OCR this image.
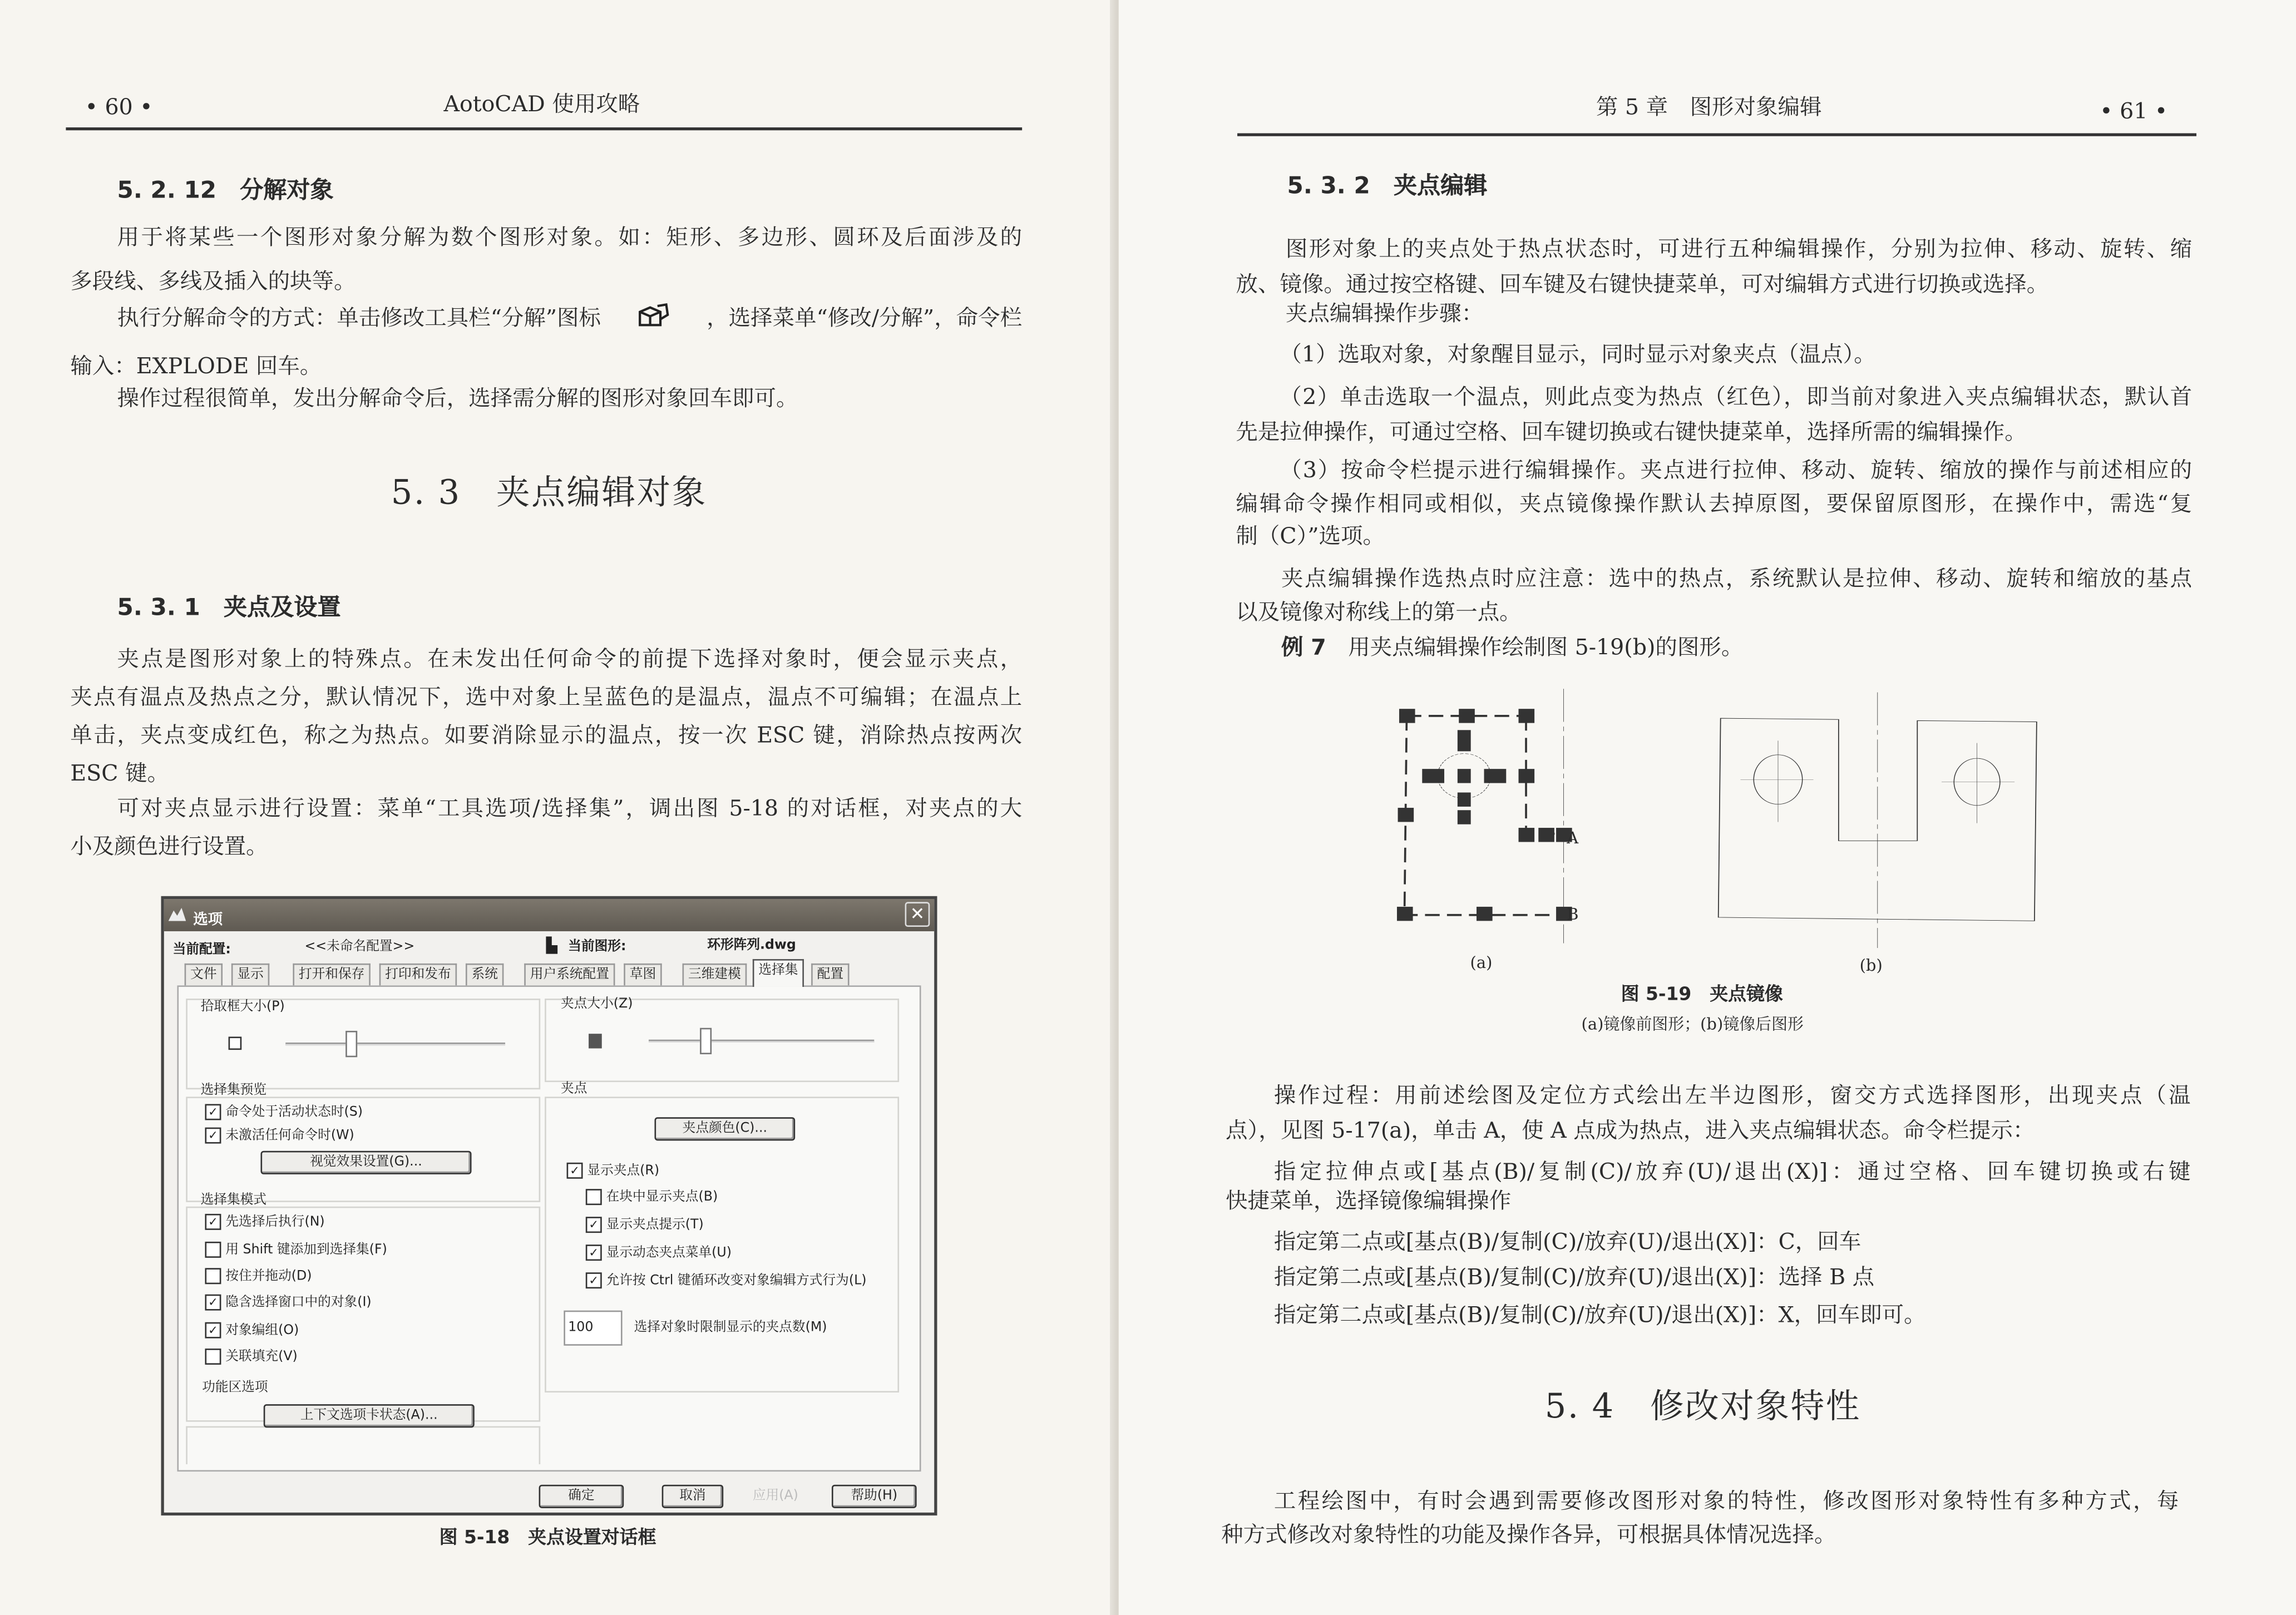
• 60 •	AotoCAD 使用攻略
5. 2. 12　分解对象
用于将某些一个图形对象分解为数个图形对象。如：矩形、多边形、圆环及后面涉及的
多段线、多线及插入的块等。
执行分解命令的方式：单击修改工具栏“分解”图标	，选择菜单“修改/分解”，命令栏
输入：EXPLODE 回车。
操作过程很简单，发出分解命令后，选择需分解的图形对象回车即可。
5. 3　夹点编辑对象
5. 3. 1　夹点及设置
夹点是图形对象上的特殊点。在未发出任何命令的前提下选择对象时，便会显示夹点，
夹点有温点及热点之分，默认情况下，选中对象上呈蓝色的是温点，温点不可编辑；在温点上
单击，夹点变成红色，称之为热点。如要消除显示的温点，按一次 ESC 键，消除热点按两次
ESC 键。
可对夹点显示进行设置：菜单“工具选项/选择集”，调出图 5-18 的对话框，对夹点的大
小及颜色进行设置。
选项	✕
当前配置:	<<未命名配置>>	▙ 当前图形:	环形阵列.dwg
文件	显示	打开和保存	打印和发布	系统	用户系统配置	草图	三维建模	配置
选择集
拾取框大小(P)	夹点大小(Z)
选择集预览
✓	命令处于活动状态时(S)
✓	未激活任何命令时(W)
视觉效果设置(G)...
选择集模式
✓	先选择后执行(N)
用 Shift 键添加到选择集(F)
按住并拖动(D)
✓	隐含选择窗口中的对象(I)
✓	对象编组(O)
关联填充(V)
功能区选项
上下文选项卡状态(A)...
夹点
夹点颜色(C)...
✓	显示夹点(R)
在块中显示夹点(B)
✓	显示夹点提示(T)
✓	显示动态夹点菜单(U)
✓	允许按 Ctrl 键循环改变对象编辑方式行为(L)
100	选择对象时限制显示的夹点数(M)
确定	取消	应用(A)	帮助(H)
图 5-18　夹点设置对话框
第 5 章　图形对象编辑	• 61 •
5. 3. 2　夹点编辑
图形对象上的夹点处于热点状态时，可进行五种编辑操作，分别为拉伸、移动、旋转、缩
放、镜像。通过按空格键、回车键及右键快捷菜单，可对编辑方式进行切换或选择。
夹点编辑操作步骤：
（1）选取对象，对象醒目显示，同时显示对象夹点（温点）。
（2）单击选取一个温点，则此点变为热点（红色），即当前对象进入夹点编辑状态，默认首
先是拉伸操作，可通过空格、回车键切换或右键快捷菜单，选择所需的编辑操作。
（3）按命令栏提示进行编辑操作。夹点进行拉伸、移动、旋转、缩放的操作与前述相应的
编辑命令操作相同或相似，夹点镜像操作默认去掉原图，要保留原图形，在操作中，需选“复
制（C）”选项。
夹点编辑操作选热点时应注意：选中的热点，系统默认是拉伸、移动、旋转和缩放的基点
以及镜像对称线上的第一点。
例 7　	用夹点编辑操作绘制图 5-19(b)的图形。
A
B
(a)	(b)
图 5-19　夹点镜像
(a)镜像前图形；(b)镜像后图形
操作过程：用前述绘图及定位方式绘出左半边图形，窗交方式选择图形，出现夹点（温
点），见图 5-17(a)，单击 A，使 A 点成为热点，进入夹点编辑状态。命令栏提示：
指定拉伸点或[基点(B)/复制(C)/放弃(U)/退出(X)]：通过空格、回车键切换或右键
快捷菜单，选择镜像编辑操作
指定第二点或[基点(B)/复制(C)/放弃(U)/退出(X)]：C，回车
指定第二点或[基点(B)/复制(C)/放弃(U)/退出(X)]：选择 B 点
指定第二点或[基点(B)/复制(C)/放弃(U)/退出(X)]：X，回车即可。
5. 4　修改对象特性
工程绘图中，有时会遇到需要修改图形对象的特性，修改图形对象特性有多种方式，每
种方式修改对象特性的功能及操作各异，可根据具体情况选择。
